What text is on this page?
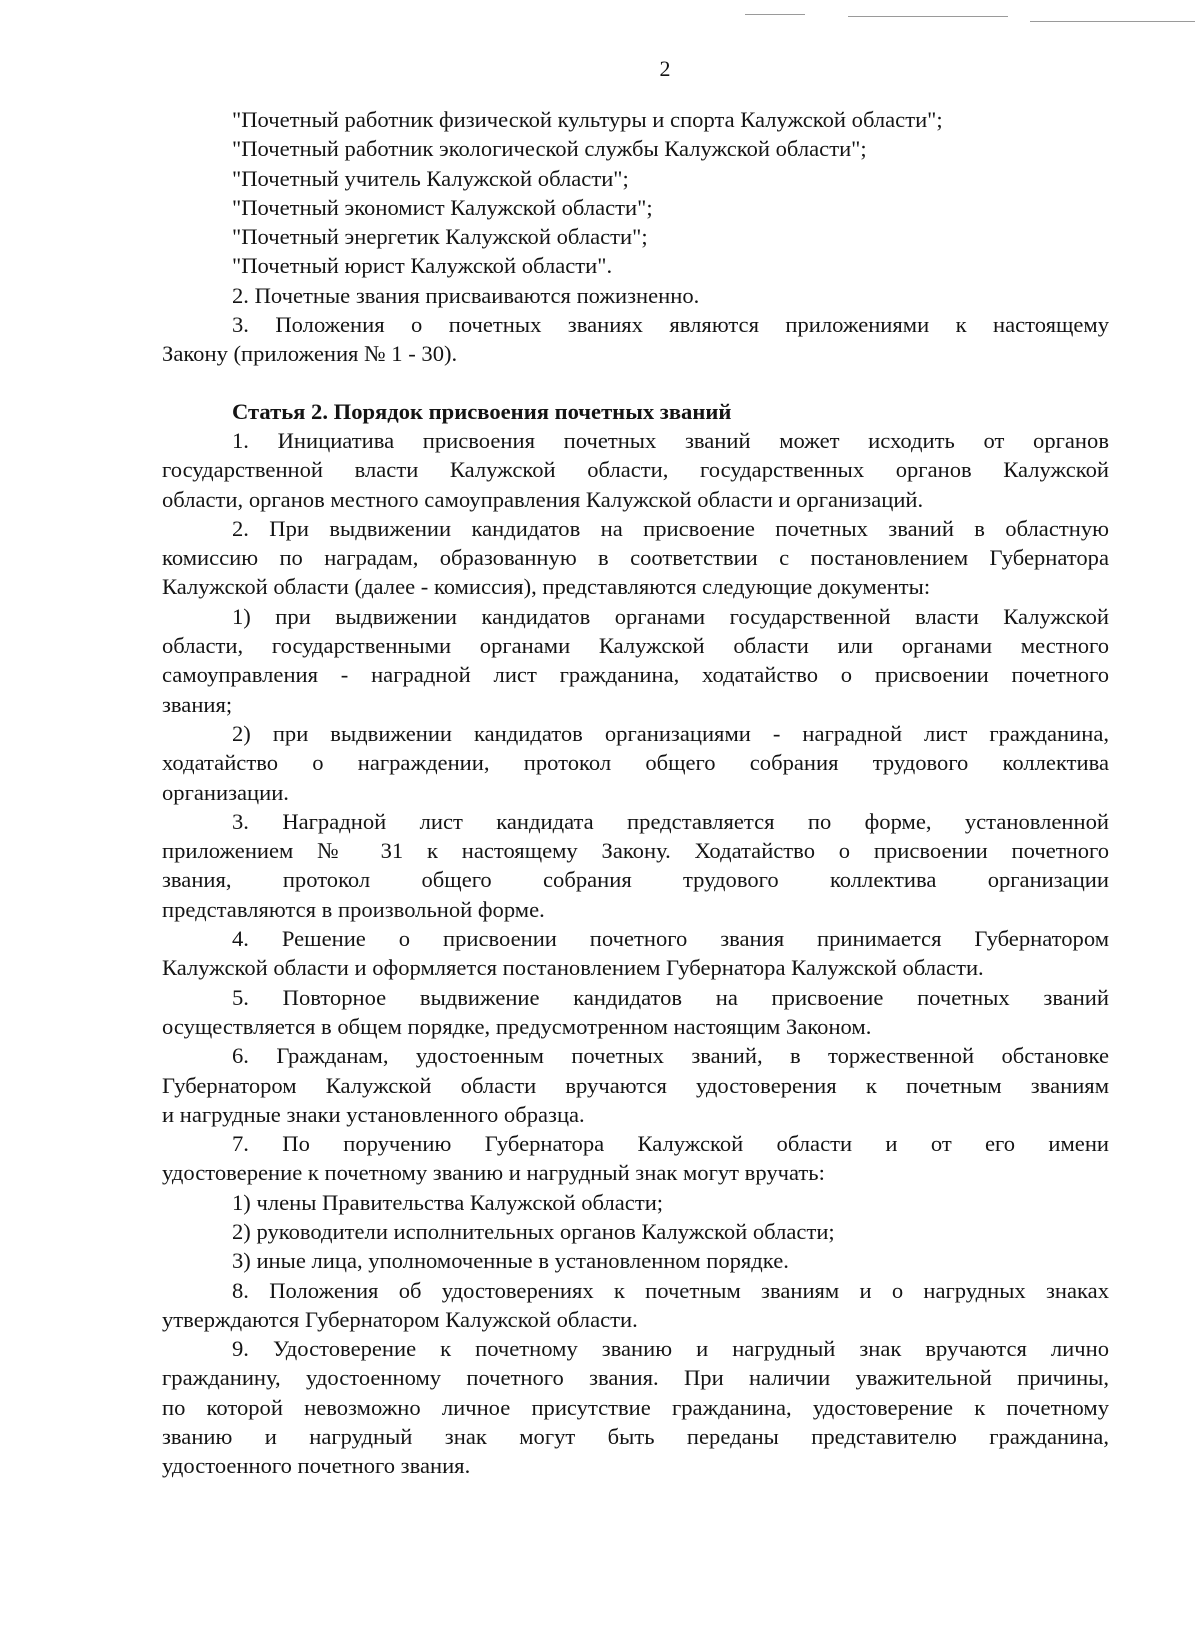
2
"Почетный работник физической культуры и спорта Калужской области";
"Почетный работник экологической службы Калужской области";
"Почетный учитель Калужской области";
"Почетный экономист Калужской области";
"Почетный энергетик Калужской области";
"Почетный юрист Калужской области".
2. Почетные звания присваиваются пожизненно.
3. Положения о почетных званиях являются приложениями к настоящему
Закону (приложения № 1 - 30).
Статья 2. Порядок присвоения почетных званий
1. Инициатива присвоения почетных званий может исходить от органов
государственной власти Калужской области, государственных органов Калужской
области, органов местного самоуправления Калужской области и организаций.
2. При выдвижении кандидатов на присвоение почетных званий в областную
комиссию по наградам, образованную в соответствии с постановлением Губернатора
Калужской области (далее - комиссия), представляются следующие документы:
1) при выдвижении кандидатов органами государственной власти Калужской
области, государственными органами Калужской области или органами местного
самоуправления - наградной лист гражданина, ходатайство о присвоении почетного
звания;
2) при выдвижении кандидатов организациями - наградной лист гражданина,
ходатайство о награждении, протокол общего собрания трудового коллектива
организации.
3. Наградной лист кандидата представляется по форме, установленной
приложением № 31 к настоящему Закону. Ходатайство о присвоении почетного
звания, протокол общего собрания трудового коллектива организации
представляются в произвольной форме.
4. Решение о присвоении почетного звания принимается Губернатором
Калужской области и оформляется постановлением Губернатора Калужской области.
5. Повторное выдвижение кандидатов на присвоение почетных званий
осуществляется в общем порядке, предусмотренном настоящим Законом.
6. Гражданам, удостоенным почетных званий, в торжественной обстановке
Губернатором Калужской области вручаются удостоверения к почетным званиям
и нагрудные знаки установленного образца.
7. По поручению Губернатора Калужской области и от его имени
удостоверение к почетному званию и нагрудный знак могут вручать:
1) члены Правительства Калужской области;
2) руководители исполнительных органов Калужской области;
3) иные лица, уполномоченные в установленном порядке.
8. Положения об удостоверениях к почетным званиям и о нагрудных знаках
утверждаются Губернатором Калужской области.
9. Удостоверение к почетному званию и нагрудный знак вручаются лично
гражданину, удостоенному почетного звания. При наличии уважительной причины,
по которой невозможно личное присутствие гражданина, удостоверение к почетному
званию и нагрудный знак могут быть переданы представителю гражданина,
удостоенного почетного звания.
